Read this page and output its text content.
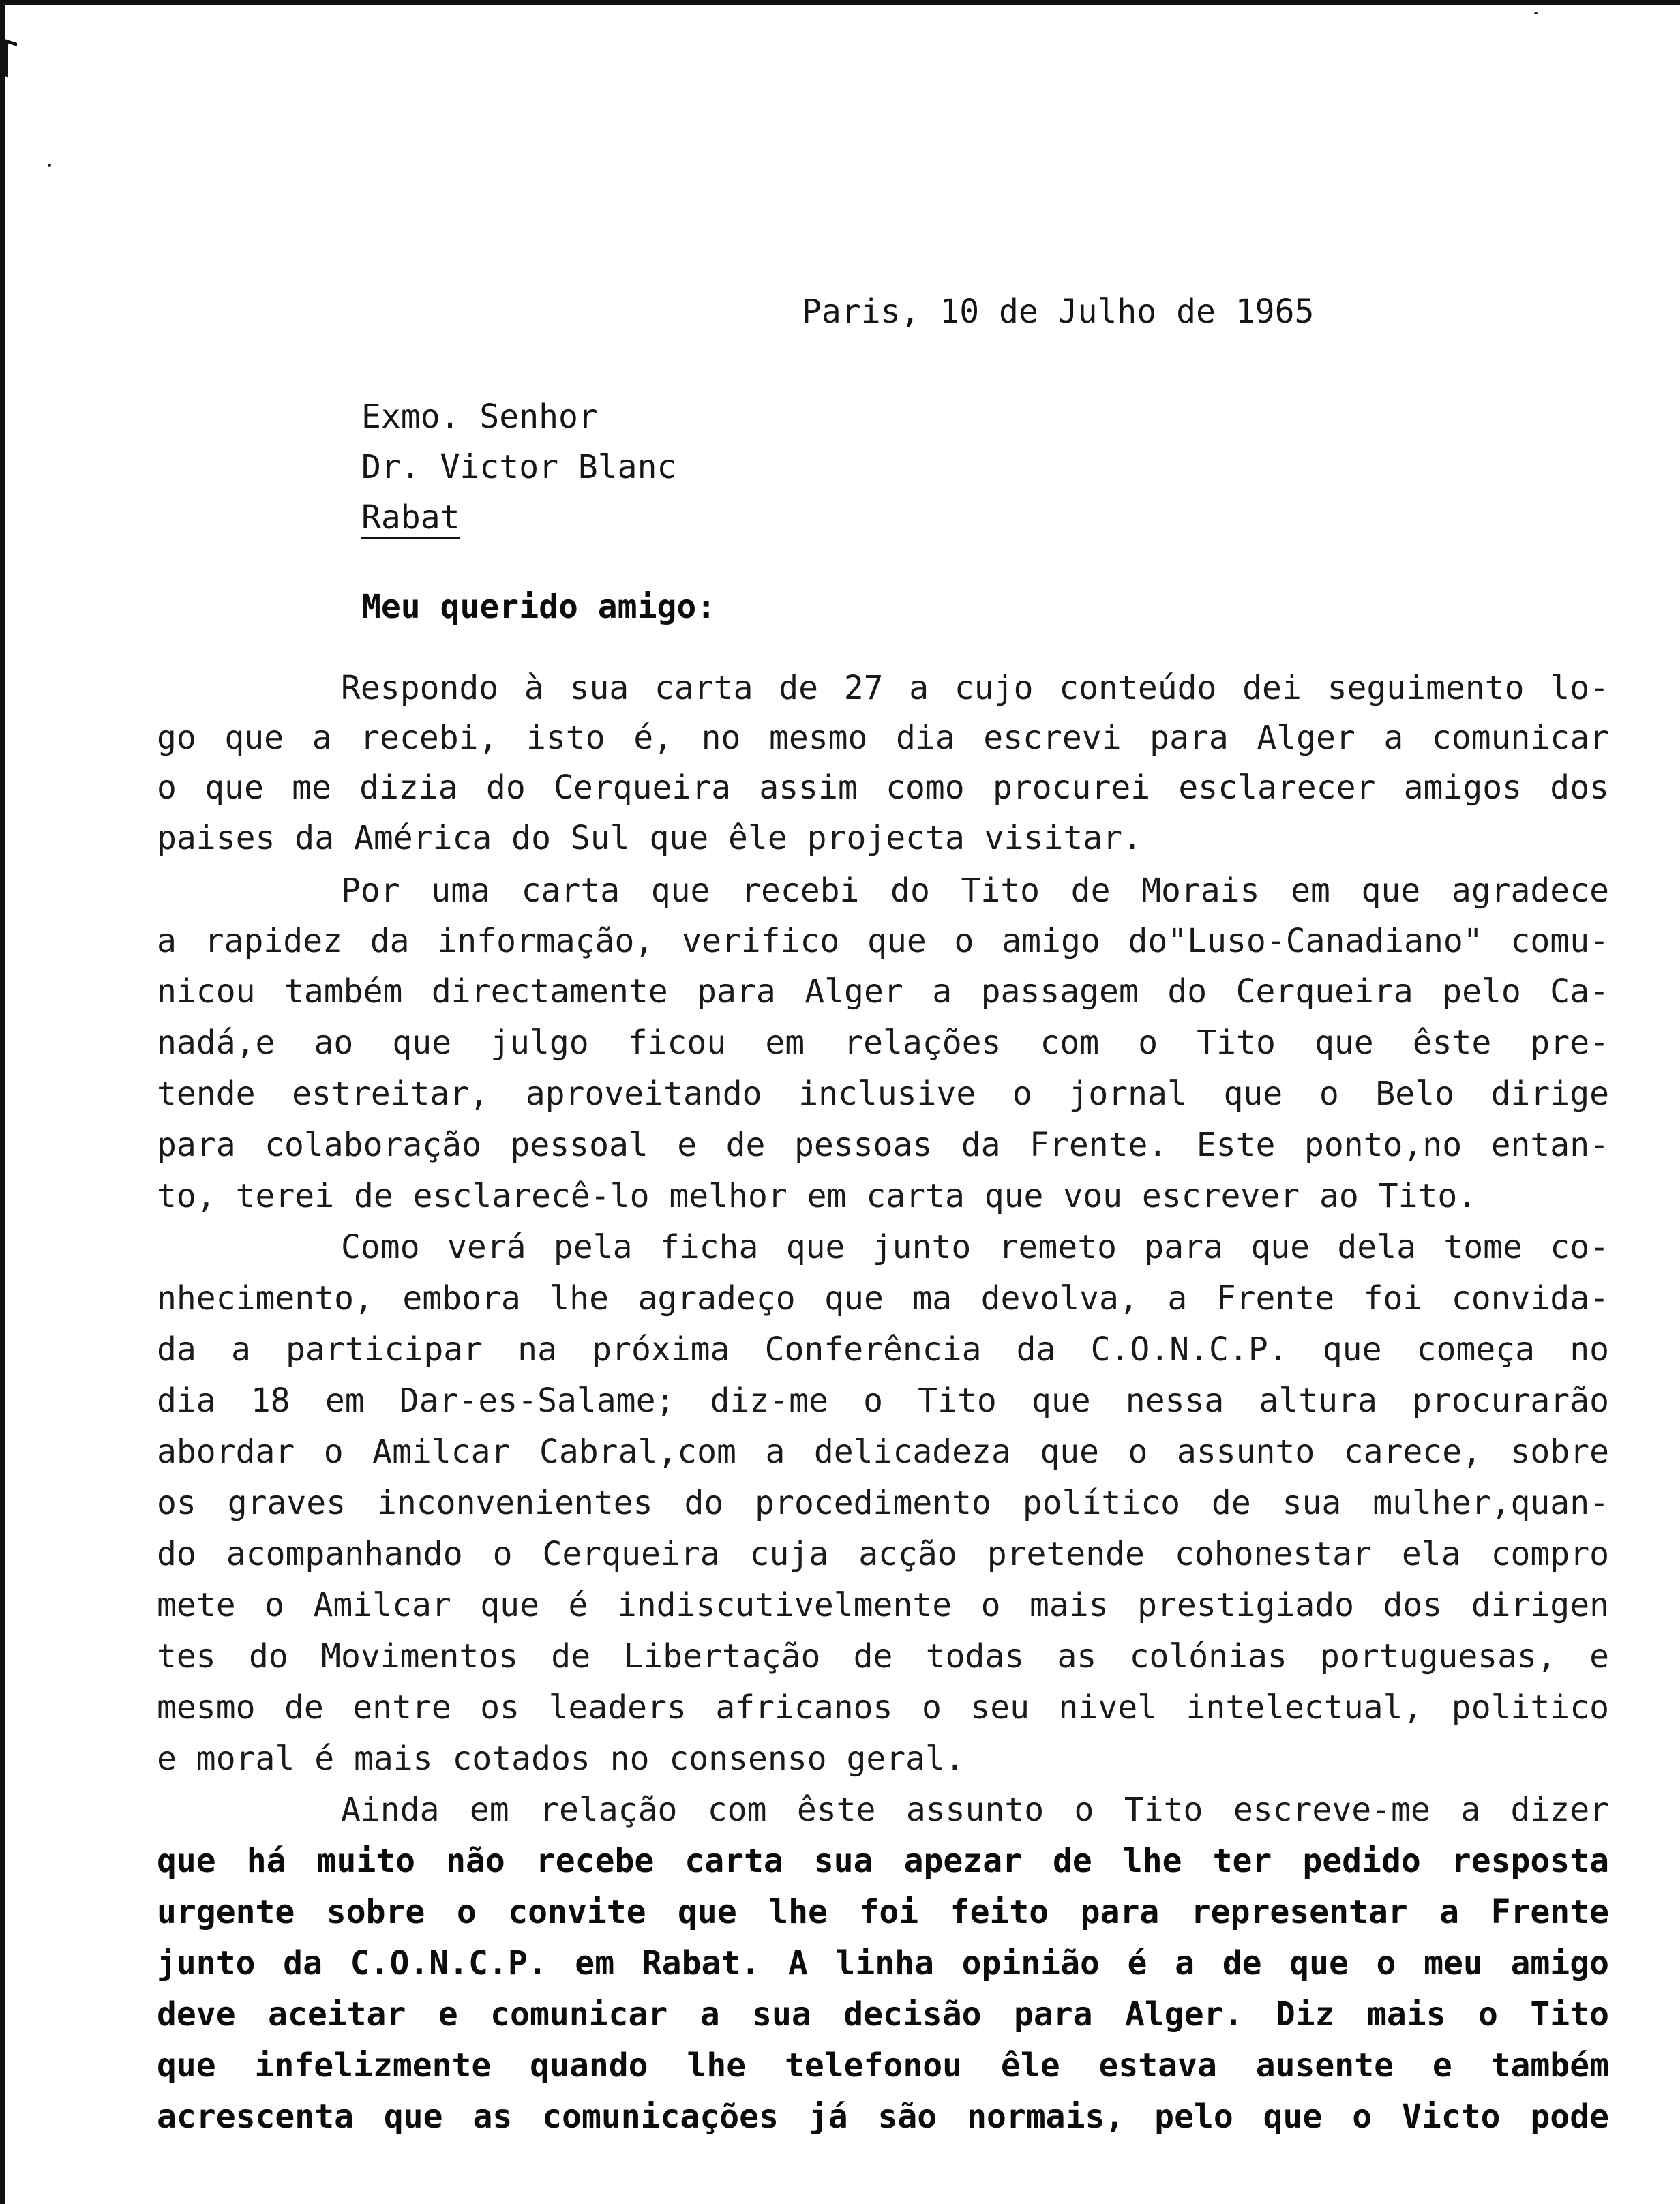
Paris, 10 de Julho de 1965

Exmo. Senhor

Dr. Victor Blanc

Rabat

Meu querido amigo:

Respondo à sua carta de 27 a cujo conteúdo dei seguimento lo-

go que a recebi, isto é, no mesmo dia escrevi para Alger a comunicar

o que me dizia do Cerqueira assim como procurei esclarecer amigos dos

paises da América do Sul que êle projecta visitar.

Por uma carta que recebi do Tito de Morais em que agradece

a rapidez da informação, verifico que o amigo do"Luso-Canadiano" comu-

nicou também directamente para Alger a passagem do Cerqueira pelo Ca-

nadá,e ao que julgo ficou em relações com o Tito que êste pre-

tende estreitar, aproveitando inclusive o jornal que o Belo dirige

para colaboração pessoal e de pessoas da Frente. Este ponto,no entan-

to, terei de esclarecê-lo melhor em carta que vou escrever ao Tito.

Como verá pela ficha que junto remeto para que dela tome co-

nhecimento, embora lhe agradeço que ma devolva, a Frente foi convida-

da a participar na próxima Conferência da C.O.N.C.P. que começa no

dia 18 em Dar-es-Salame; diz-me o Tito que nessa altura procurarão

abordar o Amilcar Cabral,com a delicadeza que o assunto carece, sobre

os graves inconvenientes do procedimento político de sua mulher,quan-

do acompanhando o Cerqueira cuja acção pretende cohonestar ela compro

mete o Amilcar que é indiscutivelmente o mais prestigiado dos dirigen

tes do Movimentos de Libertação de todas as colónias portuguesas, e

mesmo de entre os leaders africanos o seu nivel intelectual, politico

e moral é mais cotados no consenso geral.

Ainda em relação com êste assunto o Tito escreve-me a dizer

que há muito não recebe carta sua apezar de lhe ter pedido resposta

urgente sobre o convite que lhe foi feito para representar a Frente

junto da C.O.N.C.P. em Rabat. A linha opinião é a de que o meu amigo

deve aceitar e comunicar a sua decisão para Alger. Diz mais o Tito

que infelizmente quando lhe telefonou êle estava ausente e também

acrescenta que as comunicações já são normais, pelo que o Victo pode
